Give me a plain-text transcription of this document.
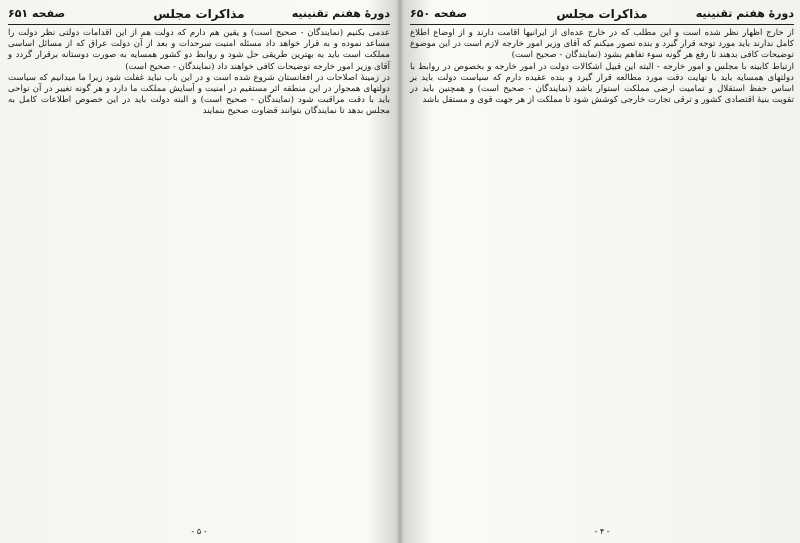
دورهٔ هفتم تقنینیه
مذاکرات مجلس
صفحه ۶۵۱

عدمی بکنیم (نمایندگان - صحیح است) و یقین هم دارم که دولت هم از این اقدامات دولتی نظر دولت را مساعد نموده و به قرار خواهد داد مسئله امنیت سرحدات و بعد از آن دولت عراق که از مسائل اساسی مملکت است باید به بهترین طریقی حل شود و روابط دو کشور همسایه به صورت دوستانه برقرار گردد و آقای وزیر امور خارجه توضیحات کافی خواهند داد (نمایندگان - صحیح است)

در زمینهٔ اصلاحات در افغانستان شروع شده است و در این باب نباید غفلت شود زیرا ما میدانیم که سیاست دولتهای همجوار در این منطقه اثر مستقیم در امنیت و آسایش مملکت ما دارد و هر گونه تغییر در آن نواحی باید با دقت مراقبت شود (نمایندگان - صحیح است) و البته دولت باید در این خصوص اطلاعات کامل به مجلس بدهد تا نمایندگان بتوانند قضاوت صحیح بنمایند

- ۵ -
دورهٔ هفتم تقنینیه
مذاکرات مجلس
صفحه ۶۵۰

از خارج اظهار نظر شده است و این مطلب که در خارج عده‌ای از ایرانیها اقامت دارند و از اوضاع اطلاع کامل ندارند باید مورد توجه قرار گیرد و بنده تصور میکنم که آقای وزیر امور خارجه لازم است در این موضوع توضیحات کافی بدهند تا رفع هر گونه سوء تفاهم بشود (نمایندگان - صحیح است)

ارتباط کابینه با مجلس و امور خارجه - البته این قبیل اشکالات دولت در امور خارجه و بخصوص در روابط با دولتهای همسایه باید با نهایت دقت مورد مطالعه قرار گیرد و بنده عقیده دارم که سیاست دولت باید بر اساس حفظ استقلال و تمامیت ارضی مملکت استوار باشد (نمایندگان - صحیح است) و همچنین باید در تقویت بنیهٔ اقتصادی کشور و ترقی تجارت خارجی کوشش شود تا مملکت از هر جهت قوی و مستقل باشد

- ۴ -
